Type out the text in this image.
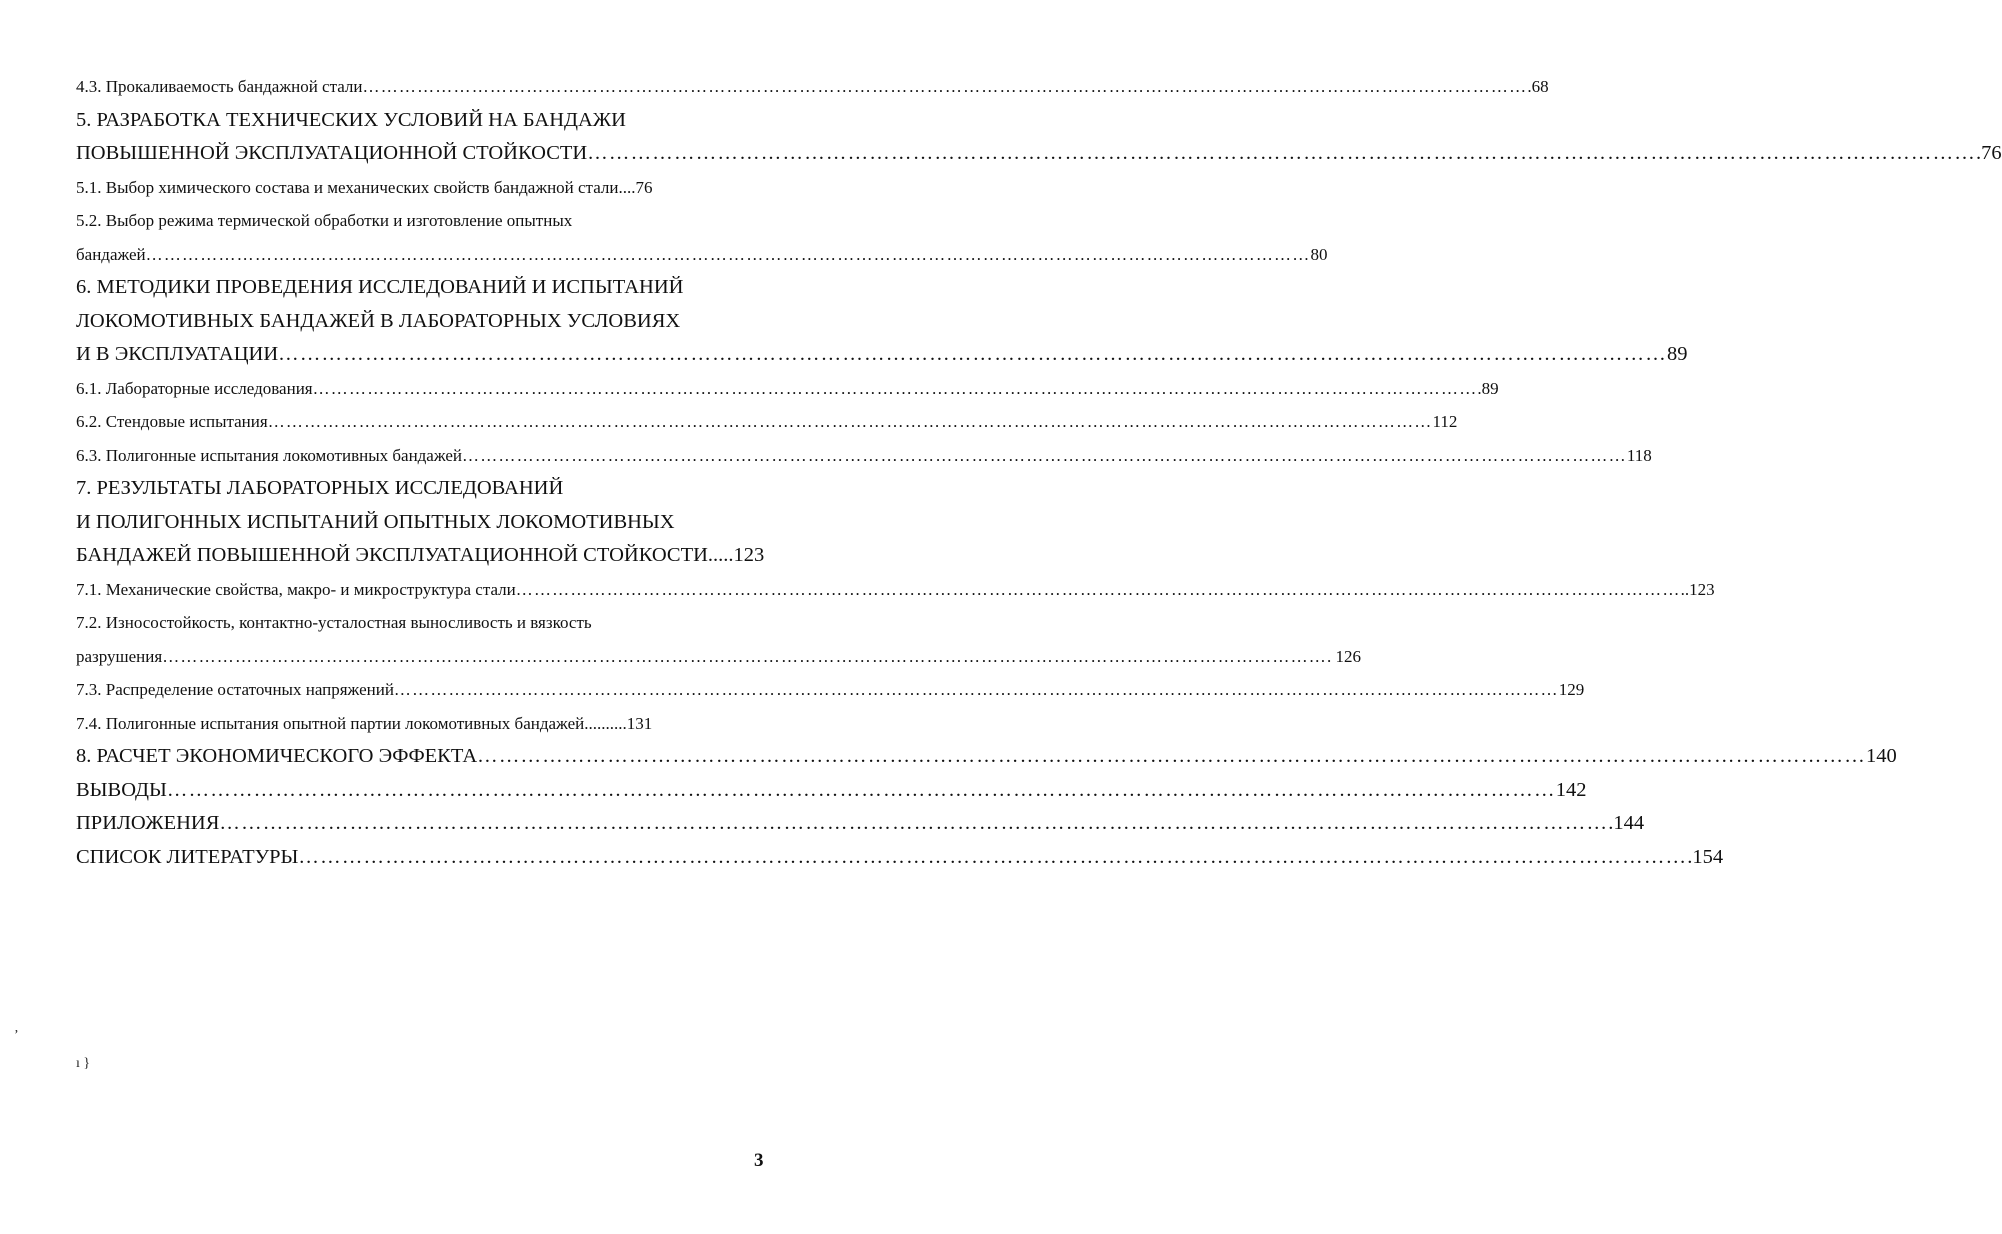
4.3. Прокаливаемость бандажной стали …………………………………………………………………………………………………………………………………………………………………………	.68
5. РАЗРАБОТКА ТЕХНИЧЕСКИХ УСЛОВИЙ НА БАНДАЖИ
ПОВЫШЕННОЙ ЭКСПЛУАТАЦИОННОЙ СТОЙКОСТИ …………………………………………………………………………………………………………………………………………………………………………	.76
5.1. Выбор химического состава и механических свойств бандажной стали ....76
5.2. Выбор режима термической обработки и изготовление опытных
бандажей …………………………………………………………………………………………………………………………………………………………………………	80
6. МЕТОДИКИ ПРОВЕДЕНИЯ ИССЛЕДОВАНИЙ И ИСПЫТАНИЙ
ЛОКОМОТИВНЫХ БАНДАЖЕЙ В ЛАБОРАТОРНЫХ УСЛОВИЯХ
И В ЭКСПЛУАТАЦИИ …………………………………………………………………………………………………………………………………………………………………………	89
6.1. Лабораторные исследования …………………………………………………………………………………………………………………………………………………………………………	.89
6.2. Стендовые испытания …………………………………………………………………………………………………………………………………………………………………………	112
6.3. Полигонные испытания локомотивных бандажей …………………………………………………………………………………………………………………………………………………………………………	118
7. РЕЗУЛЬТАТЫ ЛАБОРАТОРНЫХ ИССЛЕДОВАНИЙ
И ПОЛИГОННЫХ ИСПЫТАНИЙ ОПЫТНЫХ ЛОКОМОТИВНЫХ
БАНДАЖЕЙ ПОВЫШЕННОЙ ЭКСПЛУАТАЦИОННОЙ СТОЙКОСТИ .....123
7.1. Механические свойства, макро- и микроструктура стали …………………………………………………………………………………………………………………………………………………………………………	..123
7.2. Износостойкость, контактно-усталостная выносливость и вязкость
разрушения …………………………………………………………………………………………………………………………………………………………………………	. 126
7.3. Распределение остаточных напряжений …………………………………………………………………………………………………………………………………………………………………………	129
7.4. Полигонные испытания опытной партии локомотивных бандажей ..........131
8. РАСЧЕТ ЭКОНОМИЧЕСКОГО ЭФФЕКТА …………………………………………………………………………………………………………………………………………………………………………	140
ВЫВОДЫ …………………………………………………………………………………………………………………………………………………………………………	142
ПРИЛОЖЕНИЯ …………………………………………………………………………………………………………………………………………………………………………	.144
СПИСОК ЛИТЕРАТУРЫ …………………………………………………………………………………………………………………………………………………………………………	.154
ʼ
ı }
3
